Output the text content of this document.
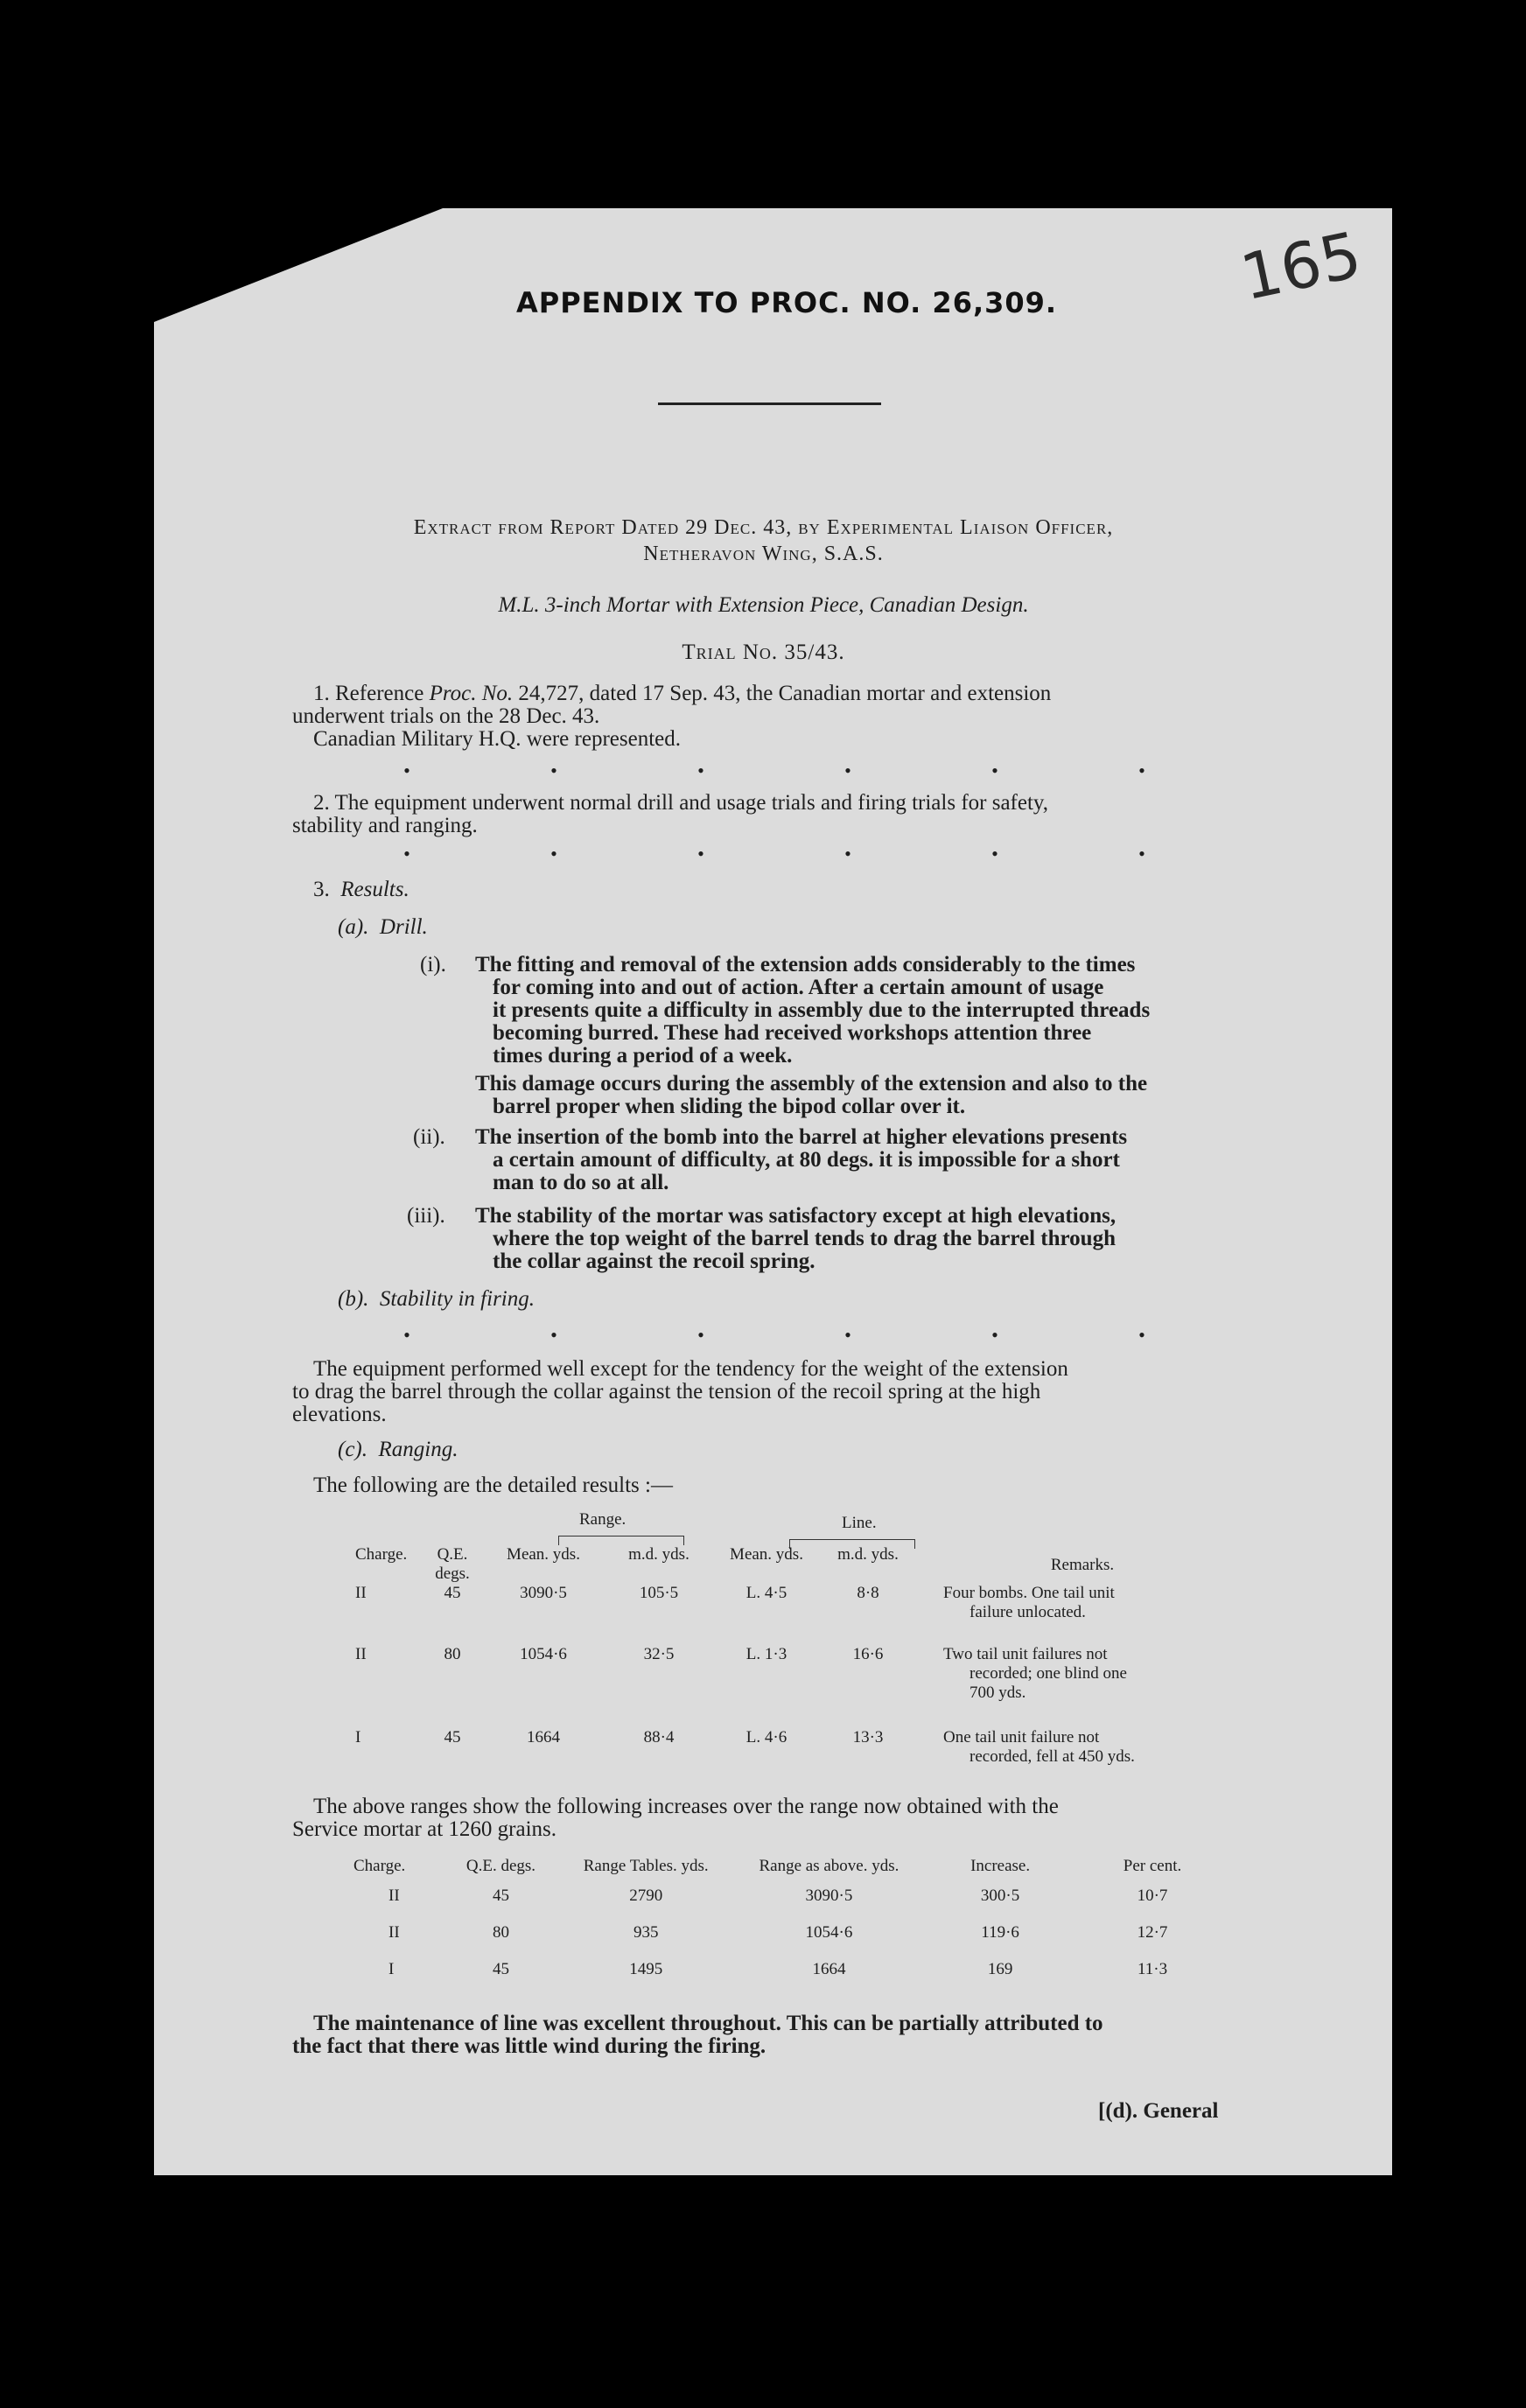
165
APPENDIX TO PROC. NO. 26,309.
Extract from Report Dated 29 Dec. 43, by Experimental Liaison Officer,
Netheravon Wing, S.A.S.
M.L. 3-inch Mortar with Extension Piece, Canadian Design.
Trial No. 35/43.
1. Reference Proc. No. 24,727, dated 17 Sep. 43, the Canadian mortar and extension
underwent trials on the 28 Dec. 43.
Canadian Military H.Q. were represented.
•	•	•	•	•	•
2. The equipment underwent normal drill and usage trials and firing trials for safety,
stability and ranging.
•	•	•	•	•	•
3. Results.
(a). Drill.
(i). The fitting and removal of the extension adds considerably to the times
for coming into and out of action. After a certain amount of usage
it presents quite a difficulty in assembly due to the interrupted threads
becoming burred. These had received workshops attention three
times during a period of a week.
This damage occurs during the assembly of the extension and also to the
barrel proper when sliding the bipod collar over it.
(ii). The insertion of the bomb into the barrel at higher elevations presents
a certain amount of difficulty, at 80 degs. it is impossible for a short
man to do so at all.
(iii). The stability of the mortar was satisfactory except at high elevations,
where the top weight of the barrel tends to drag the barrel through
the collar against the recoil spring.
(b). Stability in firing.
•	•	•	•	•	•
The equipment performed well except for the tendency for the weight of the extension
to drag the barrel through the collar against the tension of the recoil spring at the high
elevations.
(c). Ranging.
The following are the detailed results :—
Range.	Line.
Charge.	Q.E. degs.	Mean. yds.	m.d. yds.	Mean. yds.	m.d. yds.	Remarks.
II	45	3090·5	105·5	L. 4·5	8·8	Four bombs. One tail unit
failure unlocated.

II	80	1054·6	32·5	L. 1·3	16·6	Two tail unit failures not
recorded; one blind one
700 yds.

I	45	1664	88·4	L. 4·6	13·3	One tail unit failure not
recorded, fell at 450 yds.
The above ranges show the following increases over the range now obtained with the
Service mortar at 1260 grains.
Charge.	Q.E. degs.	Range Tables. yds.	Range as above. yds.	Increase.	Per cent.
II	45	2790	3090·5	300·5	10·7
II	80	935	1054·6	119·6	12·7
I	45	1495	1664	169	11·3
The maintenance of line was excellent throughout. This can be partially attributed to
the fact that there was little wind during the firing.
[(d). General
